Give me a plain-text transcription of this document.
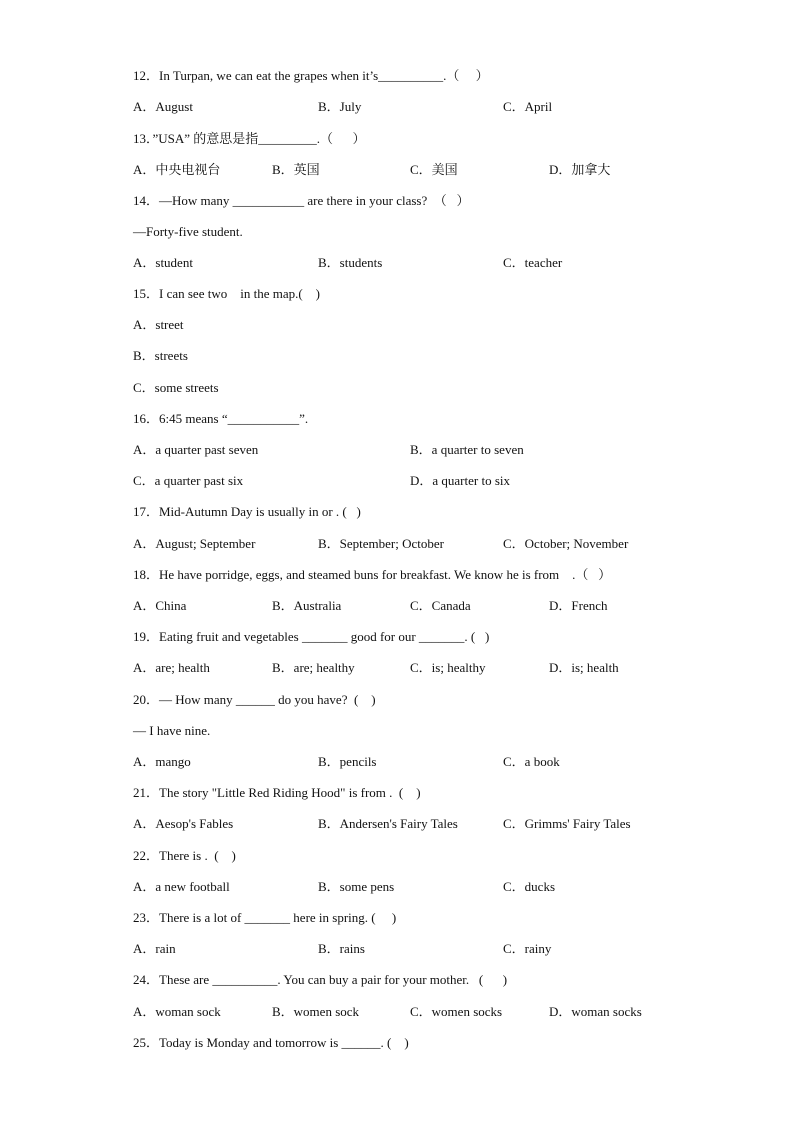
12．In Turpan, we can eat the grapes when it’s__________.（     ）

A．August

	B．July

	C．April

13．”USA” 的意思是指_________.（      ）

A．中央电视台

	B．英国

	C．美国

	D．加拿大

14．—How many ___________ are there in your class?  （   ）
—Forty-five student.

A．student

	B．students

	C．teacher

15．I can see two    in the map.(    )
A．street
B．streets
C．some streets
16．6:45 means “___________”.

A．a quarter past seven

	B．a quarter to seven

C．a quarter past six

	D．a quarter to six

17．Mid-Autumn Day is usually in or . (   )

A．August; September

	B．September; October

	C．October; November

18．He have porridge, eggs, and steamed buns for breakfast. We know he is from    .（   ）

A．China

	B．Australia

	C．Canada

	D．French

19．Eating fruit and vegetables _______ good for our _______. (   )

A．are; health

	B．are; healthy

	C．is; healthy

	D．is; health

20．— How many ______ do you have?  (    )
— I have nine.

A．mango

	B．pencils

	C．a book

21．The story "Little Red Riding Hood" is from .  (    )

A．Aesop's Fables

	B．Andersen's Fairy Tales

	C．Grimms' Fairy Tales

22．There is .  (    )

A．a new football

	B．some pens

	C．ducks

23．There is a lot of _______ here in spring. (     )

A．rain

	B．rains

	C．rainy

24．These are __________. You can buy a pair for your mother.   (      )

A．woman sock

	B．women sock

	C．women socks

	D．woman socks

25．Today is Monday and tomorrow is ______. (    )
